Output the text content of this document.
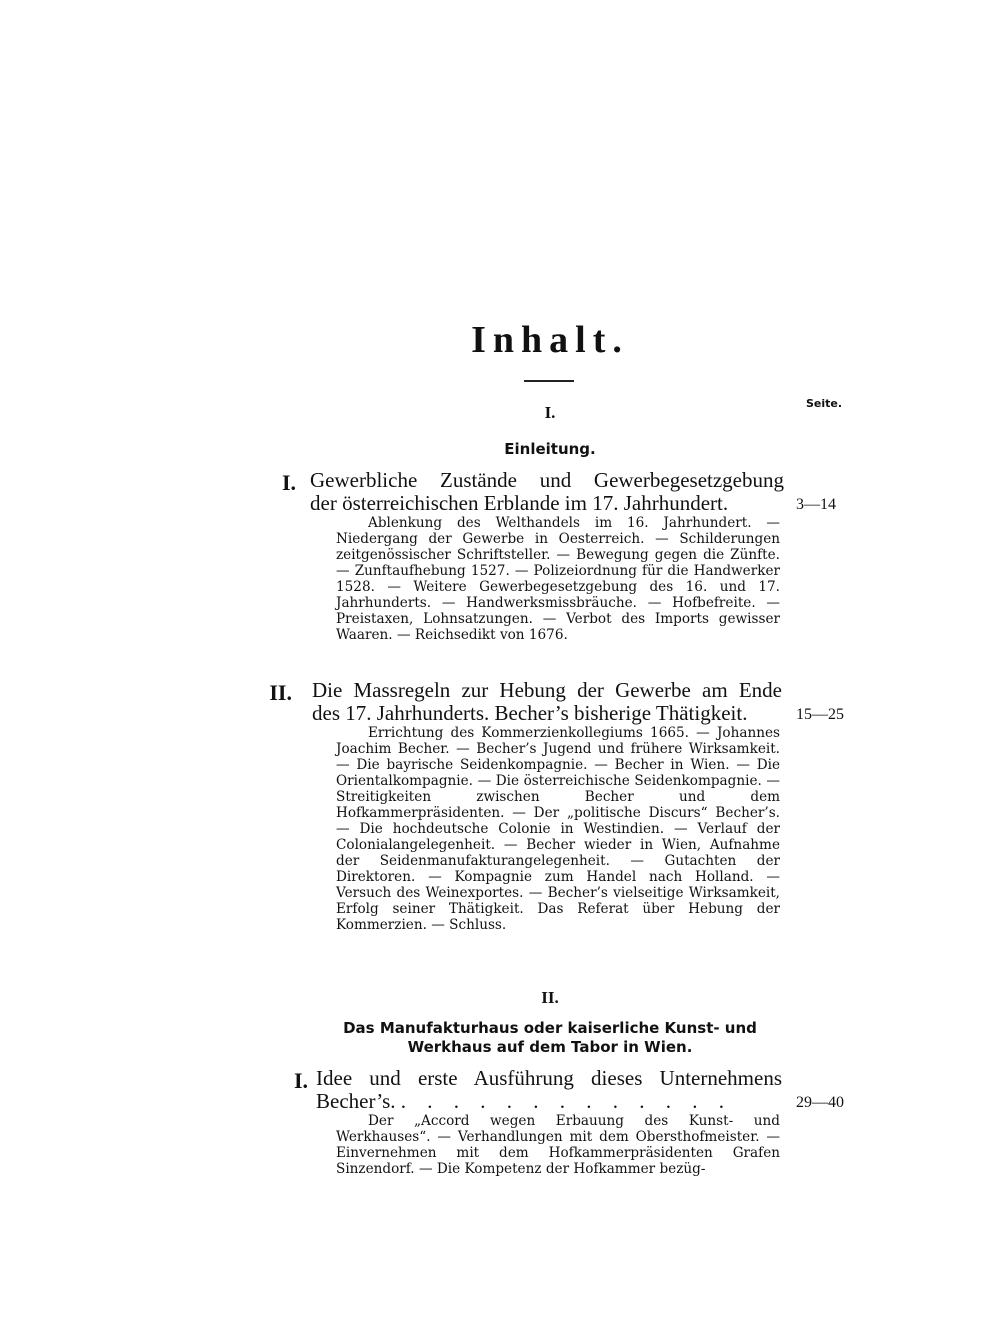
Inhalt.
Seite.
I.
Einleitung.
I. Gewerbliche Zustände und Gewerbegesetzgebung
der österreichischen Erblande im 17. Jahrhundert.	3—14

Ablenkung des Welthandels im 16. Jahrhundert. — Niedergang der Gewerbe in Oesterreich. — Schilderungen zeitgenössischer Schriftsteller. — Bewegung gegen die Zünfte. — Zunftaufhebung 1527. — Polizeiordnung für die Handwerker 1528. — Weitere Gewerbegesetzgebung des 16. und 17. Jahrhunderts. — Handwerksmissbräuche. — Hofbefreite. — Preistaxen, Lohnsatzungen. — Verbot des Imports gewisser Waaren. — Reichsedikt von 1676.

II. Die Massregeln zur Hebung der Gewerbe am Ende
des 17. Jahrhunderts. Becher’s bisherige Thätigkeit.	15—25

Errichtung des Kommerzienkollegiums 1665. — Johannes Joachim Becher. — Becher’s Jugend und frühere Wirksamkeit. — Die bayrische Seidenkompagnie. — Becher in Wien. — Die Orientalkompagnie. — Die österreichische Seidenkompagnie. — Streitigkeiten zwischen Becher und dem Hofkammerpräsidenten. — Der „politische Discurs“ Becher’s. — Die hochdeutsche Colonie in Westindien. — Verlauf der Colonialangelegenheit. — Becher wieder in Wien, Aufnahme der Seidenmanufakturangelegenheit. — Gutachten der Direktoren. — Kompagnie zum Handel nach Holland. — Versuch des Weinexportes. — Becher’s vielseitige Wirksamkeit, Erfolg seiner Thätigkeit. Das Referat über Hebung der Kommerzien. — Schluss.

II.
Das Manufakturhaus oder kaiserliche Kunst- und
Werkhaus auf dem Tabor in Wien.
I. Idee und erste Ausführung dieses Unternehmens
Becher’s. . . . . . . . . . . . . .	29—40

Der „Accord wegen Erbauung des Kunst- und Werkhauses“. — Verhandlungen mit dem Obersthofmeister. — Einvernehmen mit dem Hofkammerpräsidenten Grafen Sinzendorf. — Die Kompetenz der Hofkammer bezüg-
